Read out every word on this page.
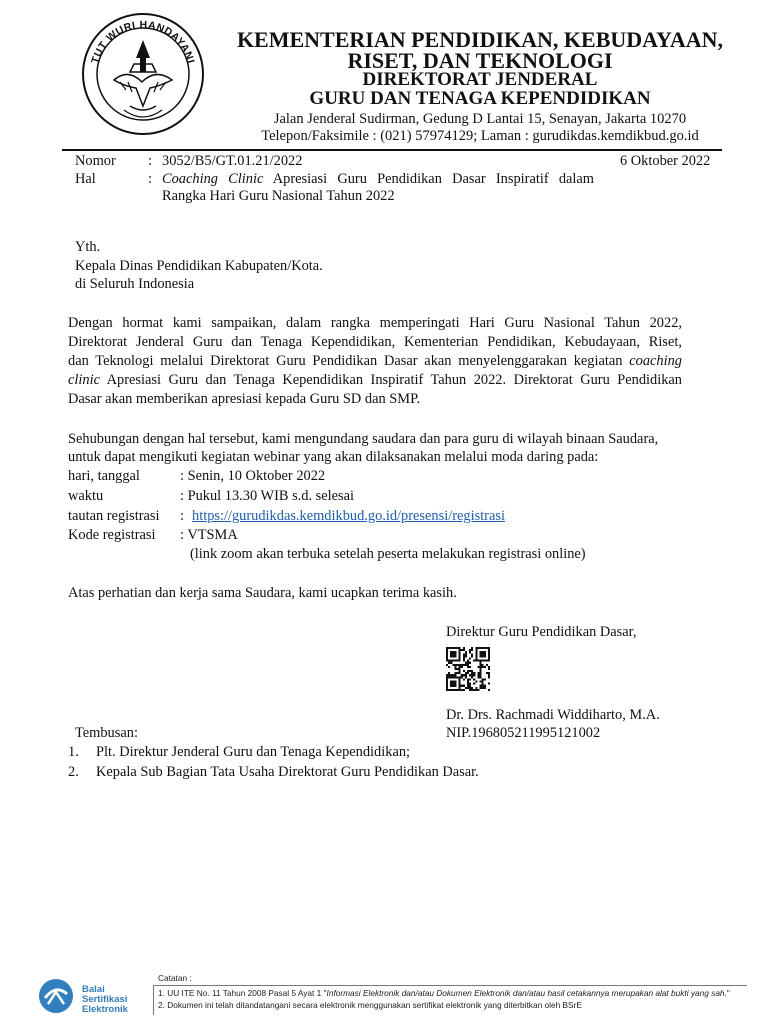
TUT WURI HANDAYANI
KEMENTERIAN PENDIDIKAN, KEBUDAYAAN,
RISET, DAN TEKNOLOGI
DIREKTORAT JENDERAL
GURU DAN TENAGA KEPENDIDIKAN
Jalan Jenderal Sudirman, Gedung D Lantai 15, Senayan, Jakarta 10270
Telepon/Faksimile : (021) 57974129; Laman : gurudikdas.kemdikbud.go.id
Nomor : 3052/B5/GT.01.21/2022	6 Oktober 2022
Hal	: Coaching Clinic Apresiasi Guru Pendidikan Dasar Inspiratif dalam
Rangka Hari Guru Nasional Tahun 2022
Yth.
Kepala Dinas Pendidikan Kabupaten/Kota.
di Seluruh Indonesia
Dengan hormat kami sampaikan, dalam rangka memperingati Hari Guru Nasional Tahun 2022,
Direktorat Jenderal Guru dan Tenaga Kependidikan, Kementerian Pendidikan, Kebudayaan, Riset,
dan Teknologi melalui Direktorat Guru Pendidikan Dasar akan menyelenggarakan kegiatan coaching
clinic Apresiasi Guru dan Tenaga Kependidikan Inspiratif Tahun 2022. Direktorat Guru Pendidikan
Dasar akan memberikan apresiasi kepada Guru SD dan SMP.
Sehubungan dengan hal tersebut, kami mengundang saudara dan para guru di wilayah binaan Saudara,
untuk dapat mengikuti kegiatan webinar yang akan dilaksanakan melalui moda daring pada:
hari, tanggal	: Senin, 10 Oktober 2022
waktu	: Pukul 13.30 WIB s.d. selesai
tautan registrasi : https://gurudikdas.kemdikbud.go.id/presensi/registrasi
Kode registrasi : VTSMA
(link zoom akan terbuka setelah peserta melakukan registrasi online)
Atas perhatian dan kerja sama Saudara, kami ucapkan terima kasih.
Direktur Guru Pendidikan Dasar,
Dr. Drs. Rachmadi Widdiharto, M.A.
NIP.196805211995121002
Tembusan:
1. Plt. Direktur Jenderal Guru dan Tenaga Kependidikan;
2. Kepala Sub Bagian Tata Usaha Direktorat Guru Pendidikan Dasar.
Balai
Sertifikasi
Elektronik
Catatan :
1. UU ITE No. 11 Tahun 2008 Pasal 5 Ayat 1 "Informasi Elektronik dan/atau Dokumen Elektronik dan/atau hasil cetakannya merupakan alat bukti yang sah."
2. Dokumen ini telah ditandatangani secara elektronik menggunakan sertifikat elektronik yang diterbitkan oleh BSrE
